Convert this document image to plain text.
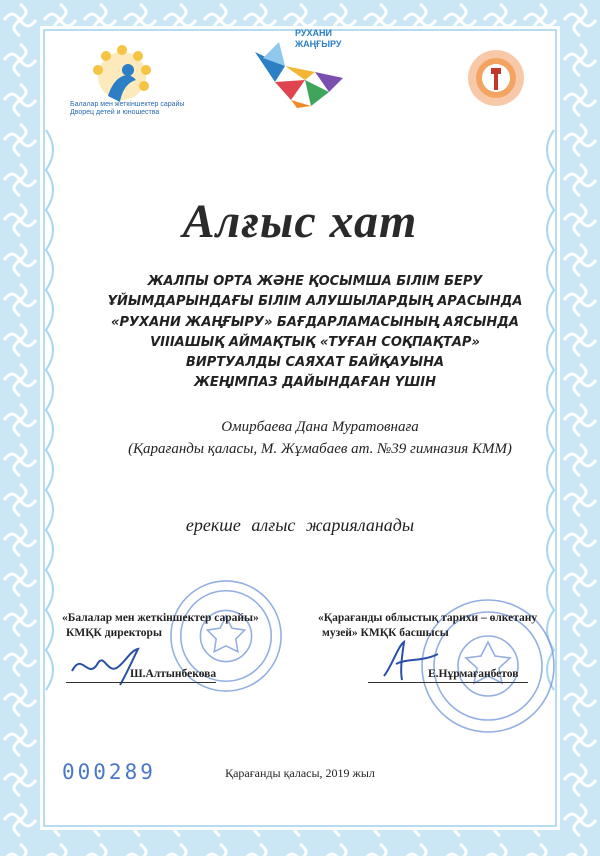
Балалар мен жеткіншектер сарайы
Дворец детей и юношества
РУХАНИ
ЖАҢҒЫРУ
Алғыс хат
ЖАЛПЫ ОРТА ЖӘНЕ ҚОСЫМША БІЛІМ БЕРУ
ҰЙЫМДАРЫНДАҒЫ БІЛІМ АЛУШЫЛАРДЫҢ АРАСЫНДА
«РУХАНИ ЖАҢҒЫРУ» БАҒДАРЛАМАСЫНЫҢ АЯСЫНДА
VIIIАШЫҚ АЙМАҚТЫҚ «ТУҒАН СОҚПАҚТАР»
ВИРТУАЛДЫ САЯХАТ БАЙҚАУЫНА
ЖЕҢІМПАЗ ДАЙЫНДАҒАН ҮШІН
Омирбаева Дана Муратовнаға
(Қарағанды қаласы, М. Жұмабаев ат. №39 гимназия КММ)
ерекше алғыс жарияланады
«Балалар мен жеткіншектер сарайы»
КМҚК директоры
«Қарағанды облыстық тарихи – өлкетану
музей» КМҚК басшысы
Ш.Алтынбекова	Е.Нұрмағанбетов
000289	Қарағанды қаласы, 2019 жыл
